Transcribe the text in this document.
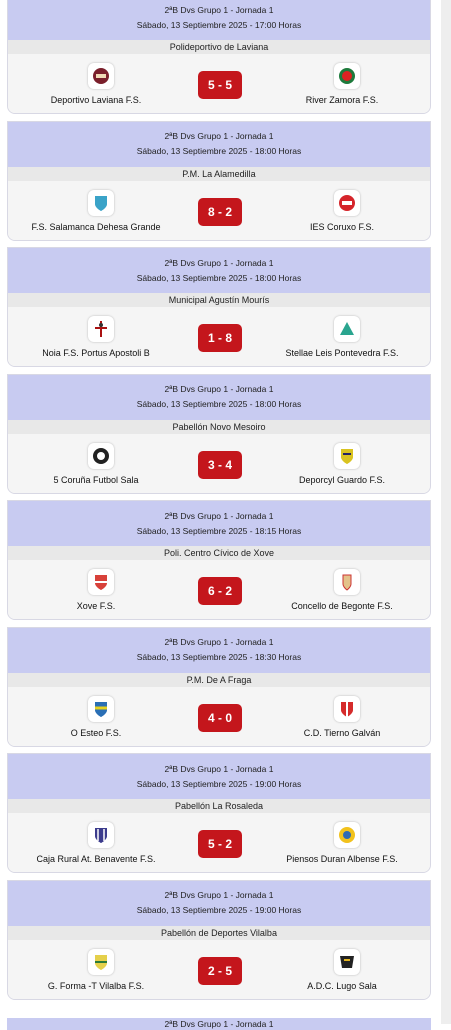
2ªB Dvs Grupo 1 - Jornada 1
Sábado, 13 Septiembre 2025 - 17:00 Horas
Polideportivo de Laviana
Deportivo Laviana F.S.
5 - 5
River Zamora F.S.
2ªB Dvs Grupo 1 - Jornada 1
Sábado, 13 Septiembre 2025 - 18:00 Horas
P.M. La Alamedilla
F.S. Salamanca Dehesa Grande
8 - 2
IES Coruxo F.S.
2ªB Dvs Grupo 1 - Jornada 1
Sábado, 13 Septiembre 2025 - 18:00 Horas
Municipal Agustín Mourís
Noia F.S. Portus Apostoli B
1 - 8
Stellae Leis Pontevedra F.S.
2ªB Dvs Grupo 1 - Jornada 1
Sábado, 13 Septiembre 2025 - 18:00 Horas
Pabellón Novo Mesoiro
5 Coruña Futbol Sala
3 - 4
Deporcyl Guardo F.S.
2ªB Dvs Grupo 1 - Jornada 1
Sábado, 13 Septiembre 2025 - 18:15 Horas
Poli. Centro Cívico de Xove
Xove F.S.
6 - 2
Concello de Begonte F.S.
2ªB Dvs Grupo 1 - Jornada 1
Sábado, 13 Septiembre 2025 - 18:30 Horas
P.M. De A Fraga
O Esteo F.S.
4 - 0
C.D. Tierno Galván
2ªB Dvs Grupo 1 - Jornada 1
Sábado, 13 Septiembre 2025 - 19:00 Horas
Pabellón La Rosaleda
Caja Rural At. Benavente F.S.
5 - 2
Piensos Duran Albense F.S.
2ªB Dvs Grupo 1 - Jornada 1
Sábado, 13 Septiembre 2025 - 19:00 Horas
Pabellón de Deportes Vilalba
G. Forma -T Vilalba F.S.
2 - 5
A.D.C. Lugo Sala
2ªB Dvs Grupo 1 - Jornada 1
